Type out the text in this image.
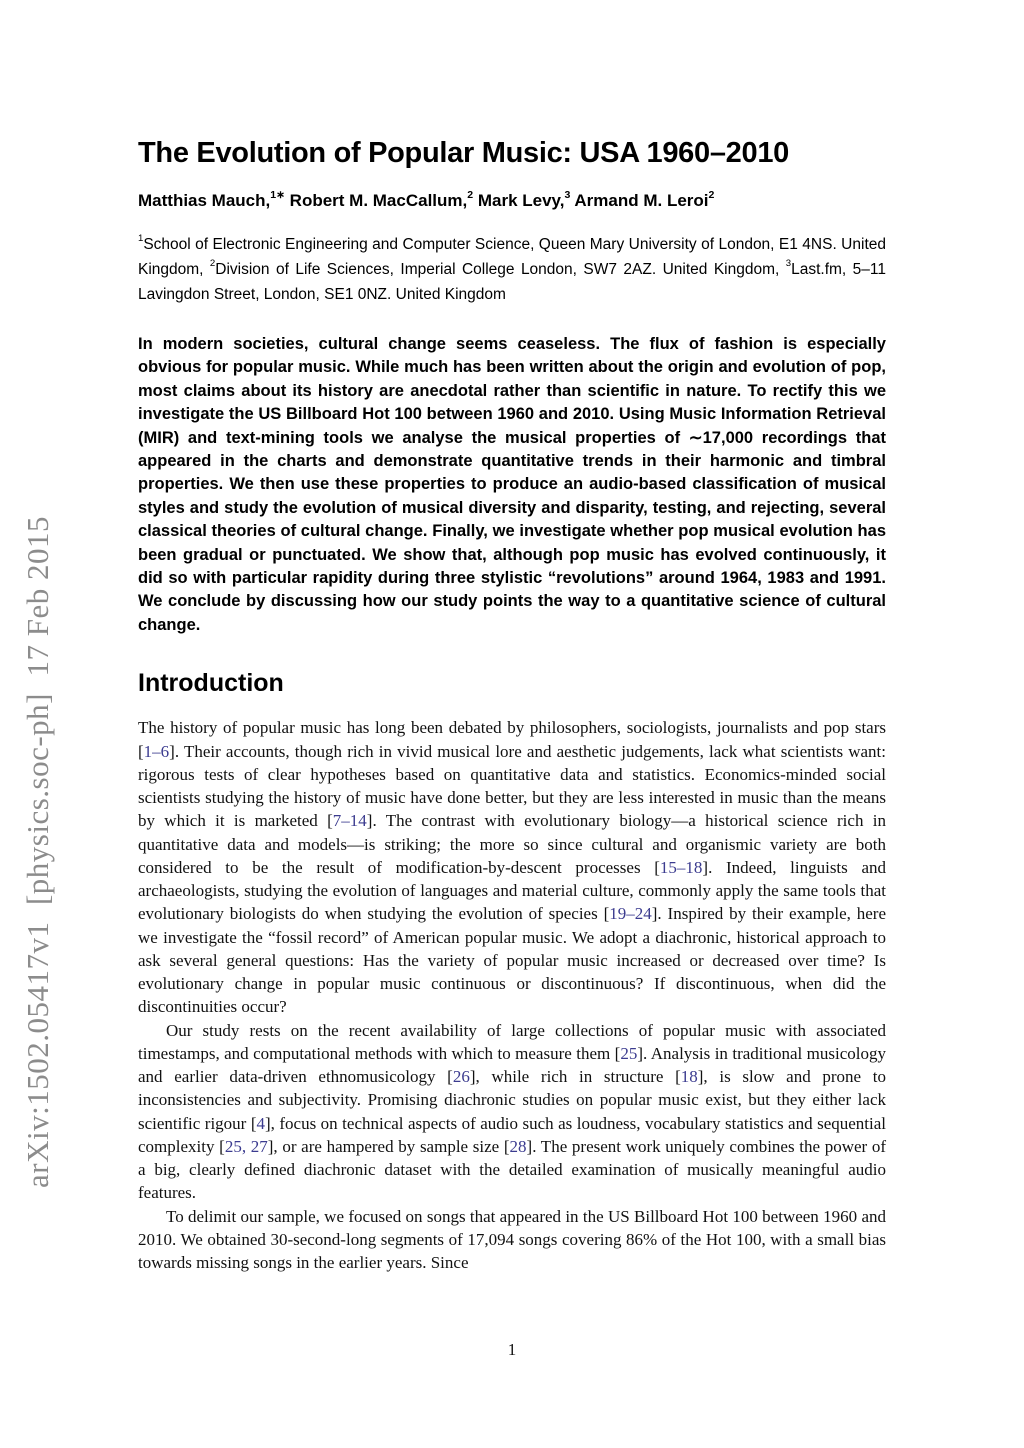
arXiv:1502.05417v1  [physics.soc-ph]  17 Feb 2015
The Evolution of Popular Music: USA 1960–2010

Matthias Mauch,$^{1∗}$ Robert M. MacCallum,$^2$ Mark Levy,$^3$ Armand M. Leroi$^2$

$^1$School of Electronic Engineering and Computer Science, Queen Mary University of London, E1 4NS. United Kingdom, $^2$Division of Life Sciences, Imperial College London, SW7 2AZ. United Kingdom, $^3$Last.fm, 5–11 Lavingdon Street, London, SE1 0NZ. United Kingdom

In modern societies, cultural change seems ceaseless. The flux of fashion is especially obvious for popular music. While much has been written about the origin and evolution of pop, most claims about its history are anecdotal rather than scientific in nature. To rectify this we investigate the US Billboard Hot 100 between 1960 and 2010. Using Music Information Retrieval (MIR) and text-mining tools we analyse the musical properties of ∼17,000 recordings that appeared in the charts and demonstrate quantitative trends in their harmonic and timbral properties. We then use these properties to produce an audio-based classification of musical styles and study the evolution of musical diversity and disparity, testing, and rejecting, several classical theories of cultural change. Finally, we investigate whether pop musical evolution has been gradual or punctuated. We show that, although pop music has evolved continuously, it did so with particular rapidity during three stylistic “revolutions” around 1964, 1983 and 1991. We conclude by discussing how our study points the way to a quantitative science of cultural change.

Introduction

The history of popular music has long been debated by philosophers, sociologists, journalists and pop stars [1–6]. Their accounts, though rich in vivid musical lore and aesthetic judgements, lack what scientists want: rigorous tests of clear hypotheses based on quantitative data and statistics. Economics-minded social scientists studying the history of music have done better, but they are less interested in music than the means by which it is marketed [7–14]. The contrast with evolutionary biology—a historical science rich in quantitative data and models—is striking; the more so since cultural and organismic variety are both considered to be the result of modification-by-descent processes [15–18]. Indeed, linguists and archaeologists, studying the evolution of languages and material culture, commonly apply the same tools that evolutionary biologists do when studying the evolution of species [19–24]. Inspired by their example, here we investigate the “fossil record” of American popular music. We adopt a diachronic, historical approach to ask several general questions: Has the variety of popular music increased or decreased over time? Is evolutionary change in popular music continuous or discontinuous? If discontinuous, when did the discontinuities occur?

Our study rests on the recent availability of large collections of popular music with associated timestamps, and computational methods with which to measure them [25]. Analysis in traditional musicology and earlier data-driven ethnomusicology [26], while rich in structure [18], is slow and prone to inconsistencies and subjectivity. Promising diachronic studies on popular music exist, but they either lack scientific rigour [4], focus on technical aspects of audio such as loudness, vocabulary statistics and sequential complexity [25, 27], or are hampered by sample size [28]. The present work uniquely combines the power of a big, clearly defined diachronic dataset with the detailed examination of musically meaningful audio features.

To delimit our sample, we focused on songs that appeared in the US Billboard Hot 100 between 1960 and 2010. We obtained 30-second-long segments of 17,094 songs covering 86% of the Hot 100, with a small bias towards missing songs in the earlier years. Since

1
